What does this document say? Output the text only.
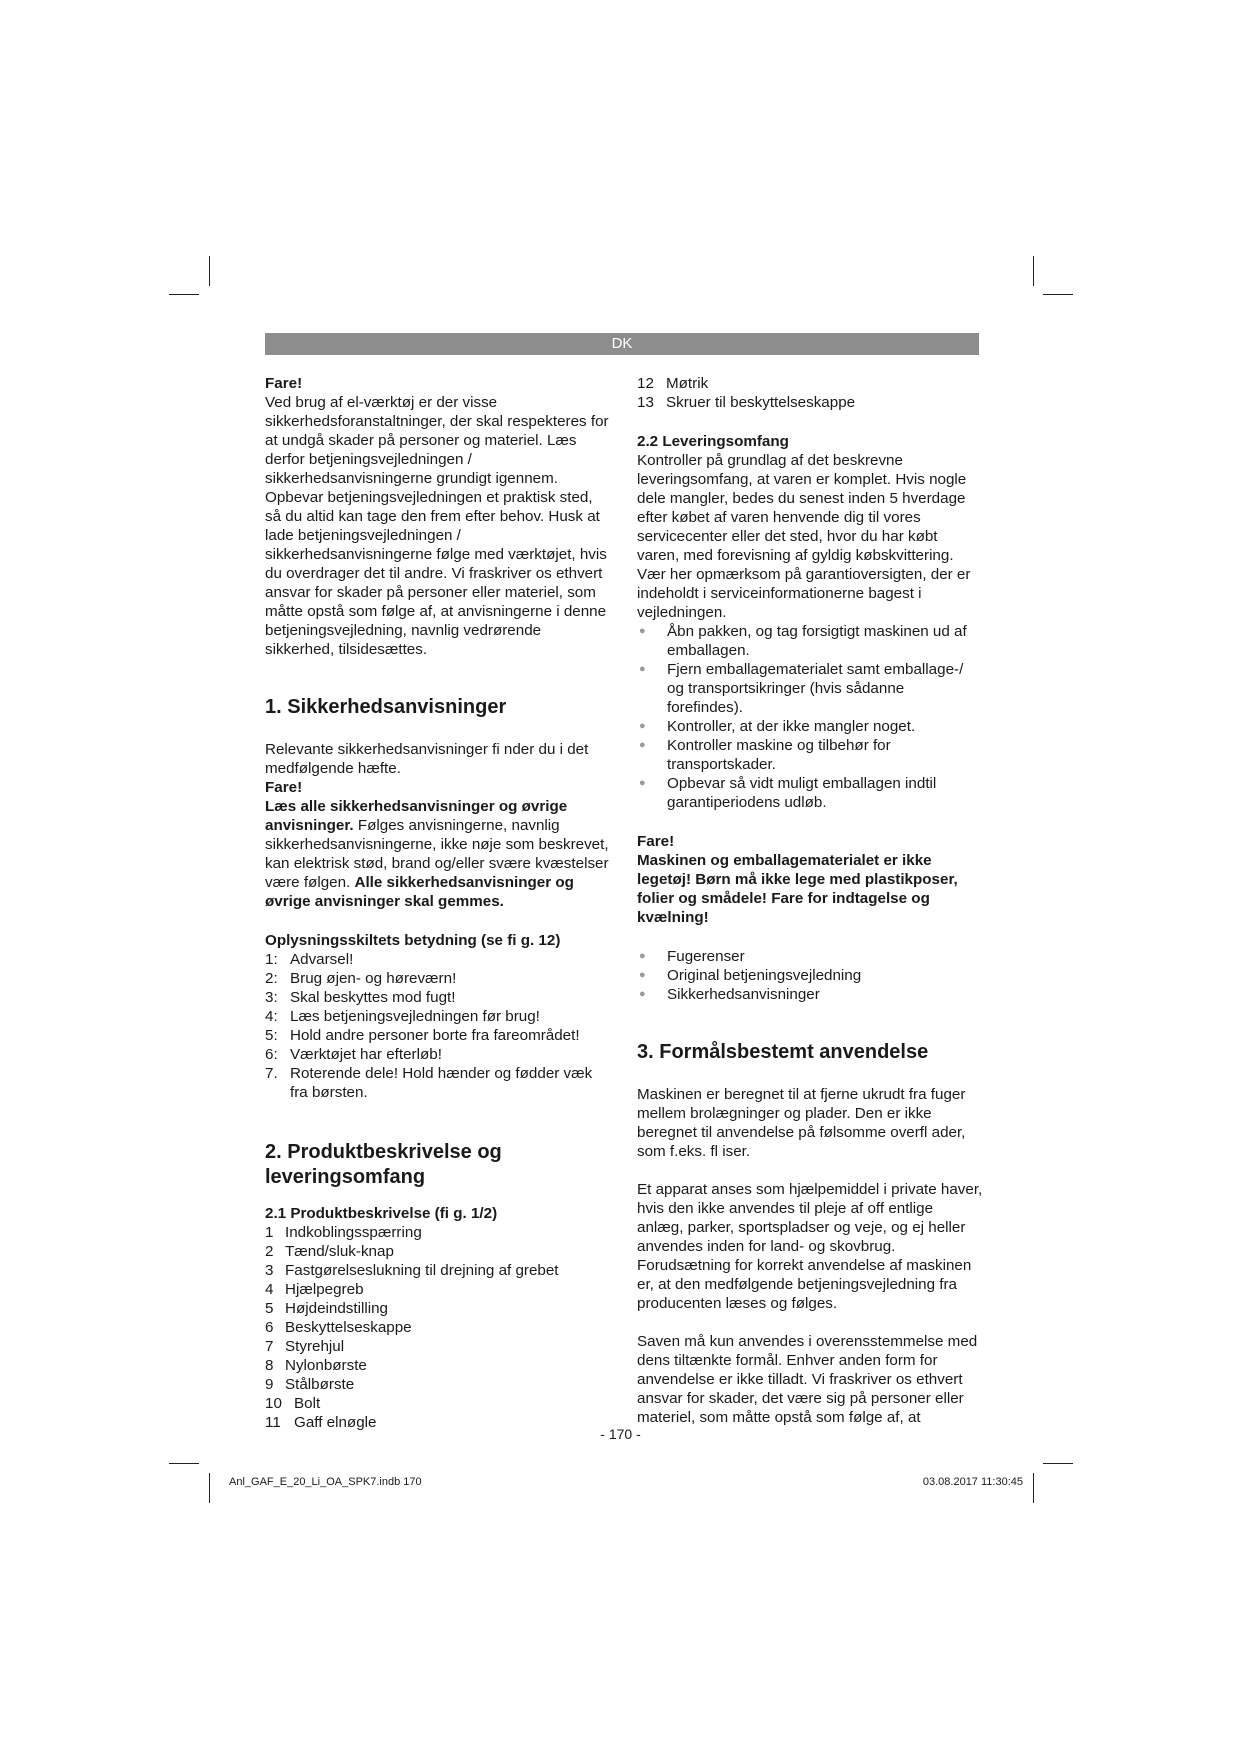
DK

Fare!

Ved brug af el-værktøj er der visse sikkerhedsforanstaltninger, der skal respekteres for at undgå skader på personer og materiel. Læs derfor betjeningsvejledningen / sikkerhedsanvisningerne grundigt igennem. Opbevar betjeningsvejledningen et praktisk sted, så du altid kan tage den frem efter behov. Husk at lade betjeningsvejledningen / sikkerhedsanvisningerne følge med værktøjet, hvis du overdrager det til andre. Vi fraskriver os ethvert ansvar for skader på personer eller materiel, som måtte opstå som følge af, at anvisningerne i denne betjeningsvejledning, navnlig vedrørende sikkerhed, tilsidesættes.

1. Sikkerhedsanvisninger

Relevante sikkerhedsanvisninger fi nder du i det medfølgende hæfte.

Fare!

Læs alle sikkerhedsanvisninger og øvrige anvisninger. Følges anvisningerne, navnlig sikkerhedsanvisningerne, ikke nøje som beskrevet, kan elektrisk stød, brand og/eller svære kvæstelser være følgen. Alle sikkerhedsanvisninger og øvrige anvisninger skal gemmes.

Oplysningsskiltets betydning (se fi g. 12)
1: Advarsel!
2: Brug øjen- og høreværn!
3: Skal beskyttes mod fugt!
4: Læs betjeningsvejledningen før brug!
5: Hold andre personer borte fra fareområdet!
6: Værktøjet har efterløb!
7. Roterende dele! Hold hænder og fødder væk fra børsten.
2. Produktbeskrivelse og leveringsomfang
2.1 Produktbeskrivelse (fi g. 1/2)
1 Indkoblingsspærring
2 Tænd/sluk-knap
3 Fastgørelseslukning til drejning af grebet
4 Hjælpegreb
5 Højdeindstilling
6 Beskyttelseskappe
7 Styrehjul
8 Nylonbørste
9 Stålbørste
10 Bolt
11 Gaff elnøgle
12 Møtrik
13 Skruer til beskyttelseskappe
2.2 Leveringsomfang

Kontroller på grundlag af det beskrevne leveringsomfang, at varen er komplet. Hvis nogle dele mangler, bedes du senest inden 5 hverdage efter købet af varen henvende dig til vores servicecenter eller det sted, hvor du har købt varen, med forevisning af gyldig købskvittering. Vær her opmærksom på garantioversigten, der er indeholdt i serviceinformationerne bagest i vejledningen.

●	Åbn pakken, og tag forsigtigt maskinen ud af emballagen.
●	Fjern emballagematerialet samt emballage-/ og transportsikringer (hvis sådanne forefindes).
●	Kontroller, at der ikke mangler noget.
●	Kontroller maskine og tilbehør for transportskader.
●	Opbevar så vidt muligt emballagen indtil garantiperiodens udløb.

Fare!

Maskinen og emballagematerialet er ikke legetøj! Børn må ikke lege med plastikposer, folier og smådele! Fare for indtagelse og kvælning!

●	Fugerenser
●	Original betjeningsvejledning
●	Sikkerhedsanvisninger
3. Formålsbestemt anvendelse

Maskinen er beregnet til at fjerne ukrudt fra fuger mellem brolægninger og plader. Den er ikke beregnet til anvendelse på følsomme overfl ader, som f.eks. fl iser.

Et apparat anses som hjælpemiddel i private haver, hvis den ikke anvendes til pleje af off entlige anlæg, parker, sportspladser og veje, og ej heller anvendes inden for land- og skovbrug. Forudsætning for korrekt anvendelse af maskinen er, at den medfølgende betjeningsvejledning fra producenten læses og følges.

Saven må kun anvendes i overensstemmelse med dens tiltænkte formål. Enhver anden form for anvendelse er ikke tilladt. Vi fraskriver os ethvert ansvar for skader, det være sig på personer eller materiel, som måtte opstå som følge af, at

- 170 -
Anl_GAF_E_20_Li_OA_SPK7.indb 170	03.08.2017 11:30:45
